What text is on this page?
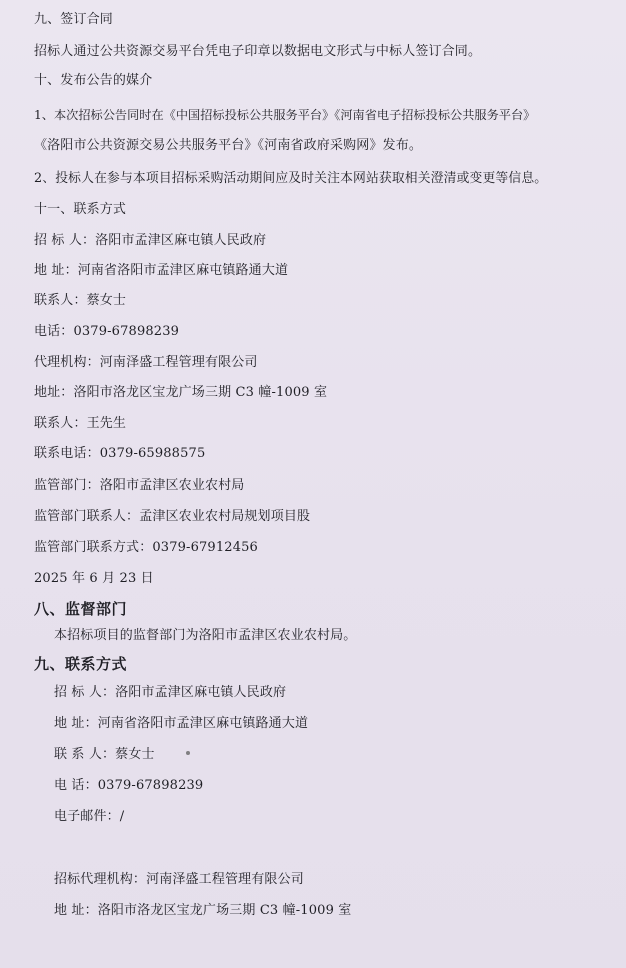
九、签订合同
招标人通过公共资源交易平台凭电子印章以数据电文形式与中标人签订合同。
十、发布公告的媒介
1、本次招标公告同时在《中国招标投标公共服务平台》《河南省电子招标投标公共服务平台》
《洛阳市公共资源交易公共服务平台》《河南省政府采购网》发布。
2、投标人在参与本项目招标采购活动期间应及时关注本网站获取相关澄清或变更等信息。
十一、联系方式
招 标 人：洛阳市孟津区麻屯镇人民政府
地 址：河南省洛阳市孟津区麻屯镇路通大道
联系人：蔡女士
电话：0379-67898239
代理机构：河南泽盛工程管理有限公司
地址：洛阳市洛龙区宝龙广场三期 C3 幢-1009 室
联系人：王先生
联系电话：0379-65988575
监管部门：洛阳市孟津区农业农村局
监管部门联系人：孟津区农业农村局规划项目股
监管部门联系方式：0379-67912456
2025 年 6 月 23 日
八、监督部门
本招标项目的监督部门为洛阳市孟津区农业农村局。
九、联系方式
招 标 人：洛阳市孟津区麻屯镇人民政府
地 址：河南省洛阳市孟津区麻屯镇路通大道
联 系 人：蔡女士
电 话：0379-67898239
电子邮件：/
招标代理机构：河南泽盛工程管理有限公司
地 址：洛阳市洛龙区宝龙广场三期 C3 幢-1009 室
